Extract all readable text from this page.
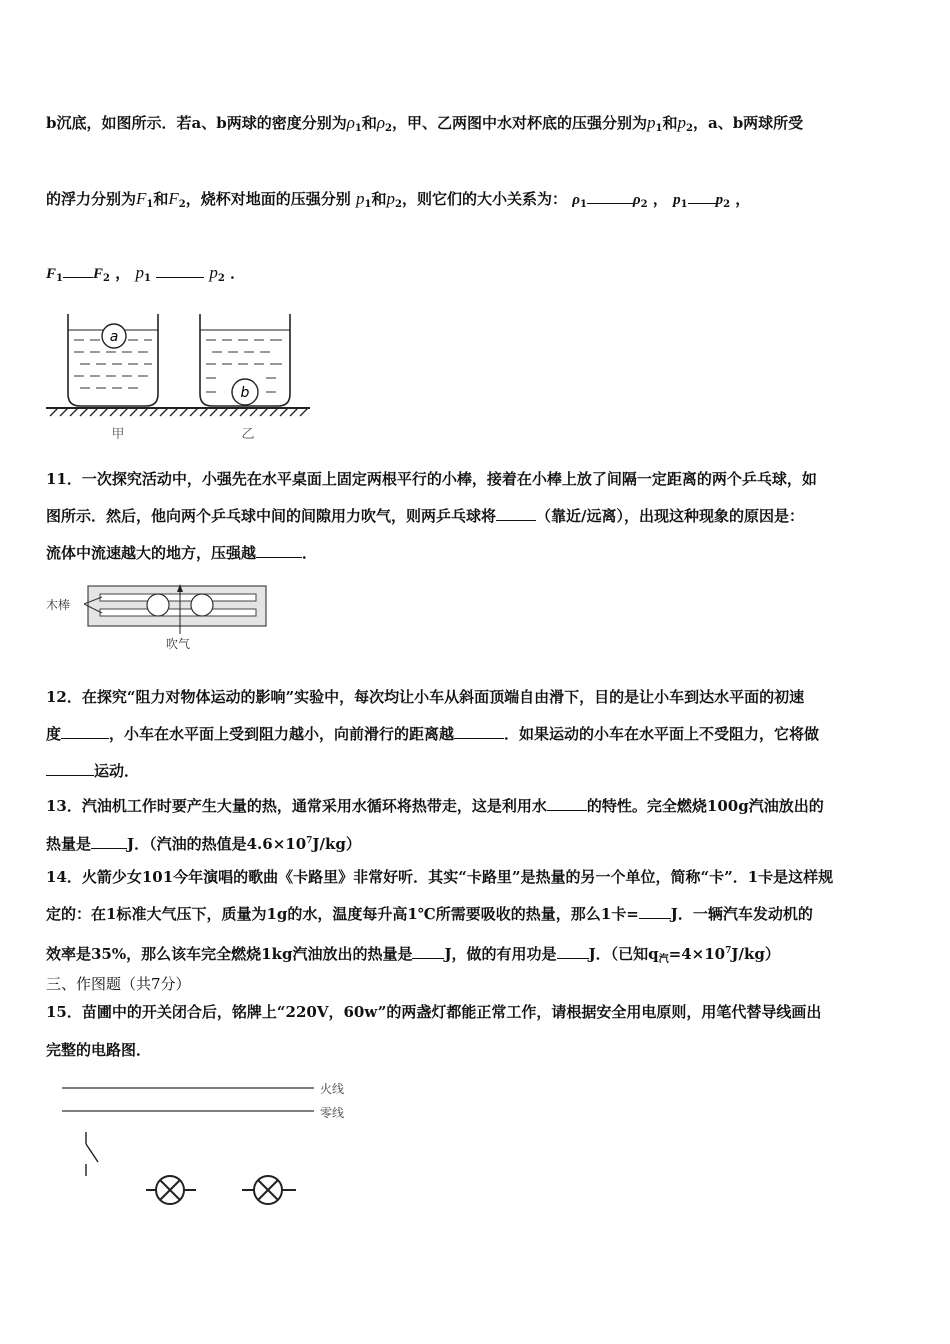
b沉底，如图所示．若a、b两球的密度分别为$\rho_1$和$\rho_2$，甲、乙两图中水对杯底的压强分别为$p_1$和$p_2$，a、b两球所受
的浮力分别为$F_1$和$F_2$，烧杯对地面的压强分别 $p_1$和$p_2$，则它们的大小关系为： $\rho_1$	$\rho_2$ ， $p_1$ $p_2$ ，
$F_1$ $F_2$ ， $p_1$	$p_2$ ．
a
b
甲	乙
11．一次探究活动中，小强先在水平桌面上固定两根平行的小棒，接着在小棒上放了间隔一定距离的两个乒乓球，如
图所示．然后，他向两个乒乓球中间的间隙用力吹气，则两乒乓球将	（靠近/远离），出现这种现象的原因是：
流体中流速越大的地方，压强越	．
木棒
吹气
12．在探究“阻力对物体运动的影响”实验中，每次均让小车从斜面顶端自由滑下，目的是让小车到达水平面的初速
度	，小车在水平面上受到阻力越小，向前滑行的距离越	．如果运动的小车在水平面上不受阻力，它将做
运动．
13．汽油机工作时要产生大量的热，通常采用水循环将热带走，这是利用水	的特性。完全燃烧100g汽油放出的
热量是 J．（汽油的热值是$4.6\times 10^7J/kg$）
14．火箭少女101今年演唱的歌曲《卡路里》非常好听．其实“卡路里”是热量的另一个单位，简称“卡”．1卡是这样规
定的：在1标准大气压下，质量为1g的水，温度每升高1℃所需要吸收的热量，那么1卡= J．一辆汽车发动机的
效率是35%，那么该车完全燃烧1kg汽油放出的热量是 J，做的有用功是 J．（已知$q_汽=4\times 10^7J/kg$）
三、作图题（共7分）
15．苗圃中的开关闭合后，铭牌上“220V，60w”的两盏灯都能正常工作，请根据安全用电原则，用笔代替导线画出
完整的电路图．
火线
零线
